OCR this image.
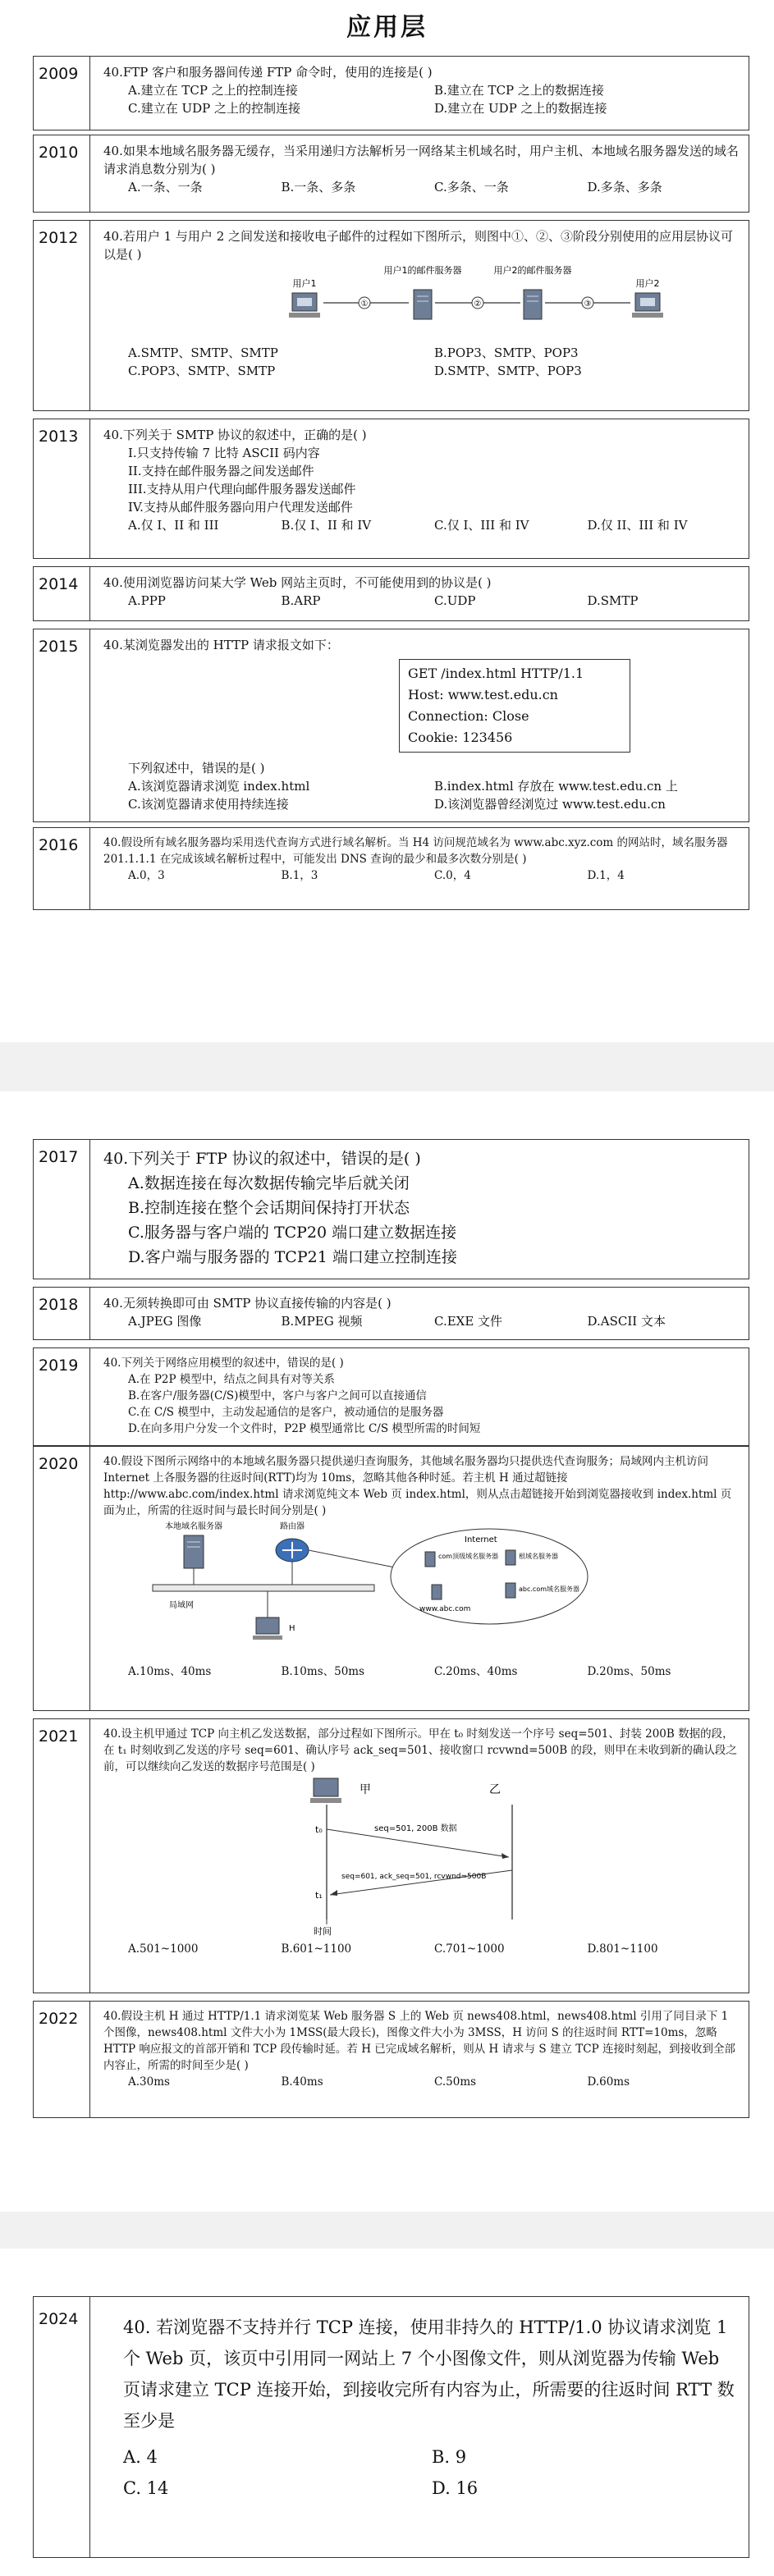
应用层
2009	40.FTP 客户和服务器间传递 FTP 命令时，使用的连接是( )

A.建立在 TCP 之上的控制连接	B.建立在 TCP 之上的数据连接
C.建立在 UDP 之上的控制连接	D.建立在 UDP 之上的数据连接
2010	40.如果本地域名服务器无缓存，当采用递归方法解析另一网络某主机域名时，用户主机、本地域名服务器发送的域名请求消息数分别为( )

A.一条、一条	B.一条、多条	C.多条、一条	D.多条、多条
2012	40.若用户 1 与用户 2 之间发送和接收电子邮件的过程如下图所示，则图中①、②、③阶段分别使用的应用层协议可以是( )

用户1
①
用户1的邮件服务器
②
用户2的邮件服务器
③
用户2
A.SMTP、SMTP、SMTP	B.POP3、SMTP、POP3
C.POP3、SMTP、SMTP	D.SMTP、SMTP、POP3
2013	40.下列关于 SMTP 协议的叙述中，正确的是( )

I.只支持传输 7 比特 ASCII 码内容
II.支持在邮件服务器之间发送邮件
III.支持从用户代理向邮件服务器发送邮件
IV.支持从邮件服务器向用户代理发送邮件
A.仅 I、II 和 III	B.仅 I、II 和 IV	C.仅 I、III 和 IV	D.仅 II、III 和 IV
2014	40.使用浏览器访问某大学 Web 网站主页时，不可能使用到的协议是( )

A.PPP	B.ARP	C.UDP	D.SMTP
2015	40.某浏览器发出的 HTTP 请求报文如下：

GET /index.html HTTP/1.1
Host: www.test.edu.cn
Connection: Close
Cookie: 123456

下列叙述中，错误的是( )

A.该浏览器请求浏览 index.html	B.index.html 存放在 www.test.edu.cn 上
C.该浏览器请求使用持续连接	D.该浏览器曾经浏览过 www.test.edu.cn
2016	40.假设所有域名服务器均采用迭代查询方式进行域名解析。当 H4 访问规范域名为 www.abc.xyz.com 的网站时，域名服务器 201.1.1.1 在完成该域名解析过程中，可能发出 DNS 查询的最少和最多次数分别是( )

A.0，3	B.1，3	C.0，4	D.1，4
2017	40.下列关于 FTP 协议的叙述中，错误的是( )

A.数据连接在每次数据传输完毕后就关闭
B.控制连接在整个会话期间保持打开状态
C.服务器与客户端的 TCP20 端口建立数据连接
D.客户端与服务器的 TCP21 端口建立控制连接
2018	40.无须转换即可由 SMTP 协议直接传输的内容是( )

A.JPEG 图像	B.MPEG 视频	C.EXE 文件	D.ASCII 文本
2019	40.下列关于网络应用模型的叙述中，错误的是( )

A.在 P2P 模型中，结点之间具有对等关系
B.在客户/服务器(C/S)模型中，客户与客户之间可以直接通信
C.在 C/S 模型中，主动发起通信的是客户，被动通信的是服务器
D.在向多用户分发一个文件时，P2P 模型通常比 C/S 模型所需的时间短
2020	40.假设下图所示网络中的本地域名服务器只提供递归查询服务，其他域名服务器均只提供迭代查询服务；局域网内主机访问 Internet 上各服务器的往返时间(RTT)均为 10ms，忽略其他各种时延。若主机 H 通过超链接 http://www.abc.com/index.html 请求浏览纯文本 Web 页 index.html，则从点击超链接开始到浏览器接收到 index.html 页面为止，所需的往返时间与最长时间分别是( )

本地域名服务器	路由器
局域网
H
Internet
com顶级域名服务器	根域名服务器
abc.com域名服务器
www.abc.com
A.10ms、40ms	B.10ms、50ms	C.20ms、40ms	D.20ms、50ms
2021	40.设主机甲通过 TCP 向主机乙发送数据，部分过程如下图所示。甲在 t₀ 时刻发送一个序号 seq=501、封装 200B 数据的段，在 t₁ 时刻收到乙发送的序号 seq=601、确认序号 ack_seq=501、接收窗口 rcvwnd=500B 的段，则甲在未收到新的确认段之前，可以继续向乙发送的数据序号范围是( )

甲	乙
t₀	seq=501, 200B 数据
seq=601, ack_seq=501, rcvwnd=500B
t₁
时间
A.501~1000	B.601~1100	C.701~1000	D.801~1100
2022	40.假设主机 H 通过 HTTP/1.1 请求浏览某 Web 服务器 S 上的 Web 页 news408.html，news408.html 引用了同目录下 1 个图像，news408.html 文件大小为 1MSS(最大段长)，图像文件大小为 3MSS，H 访问 S 的往返时间 RTT=10ms，忽略 HTTP 响应报文的首部开销和 TCP 段传输时延。若 H 已完成域名解析，则从 H 请求与 S 建立 TCP 连接时刻起，到接收到全部内容止，所需的时间至少是( )

A.30ms	B.40ms	C.50ms	D.60ms
2024	40. 若浏览器不支持并行 TCP 连接，使用非持久的 HTTP/1.0 协议请求浏览 1 个 Web 页，该页中引用同一网站上 7 个小图像文件，则从浏览器为传输 Web 页请求建立 TCP 连接开始，到接收完所有内容为止，所需要的往返时间 RTT 数至少是

A. 4	B. 9
C. 14	D. 16
